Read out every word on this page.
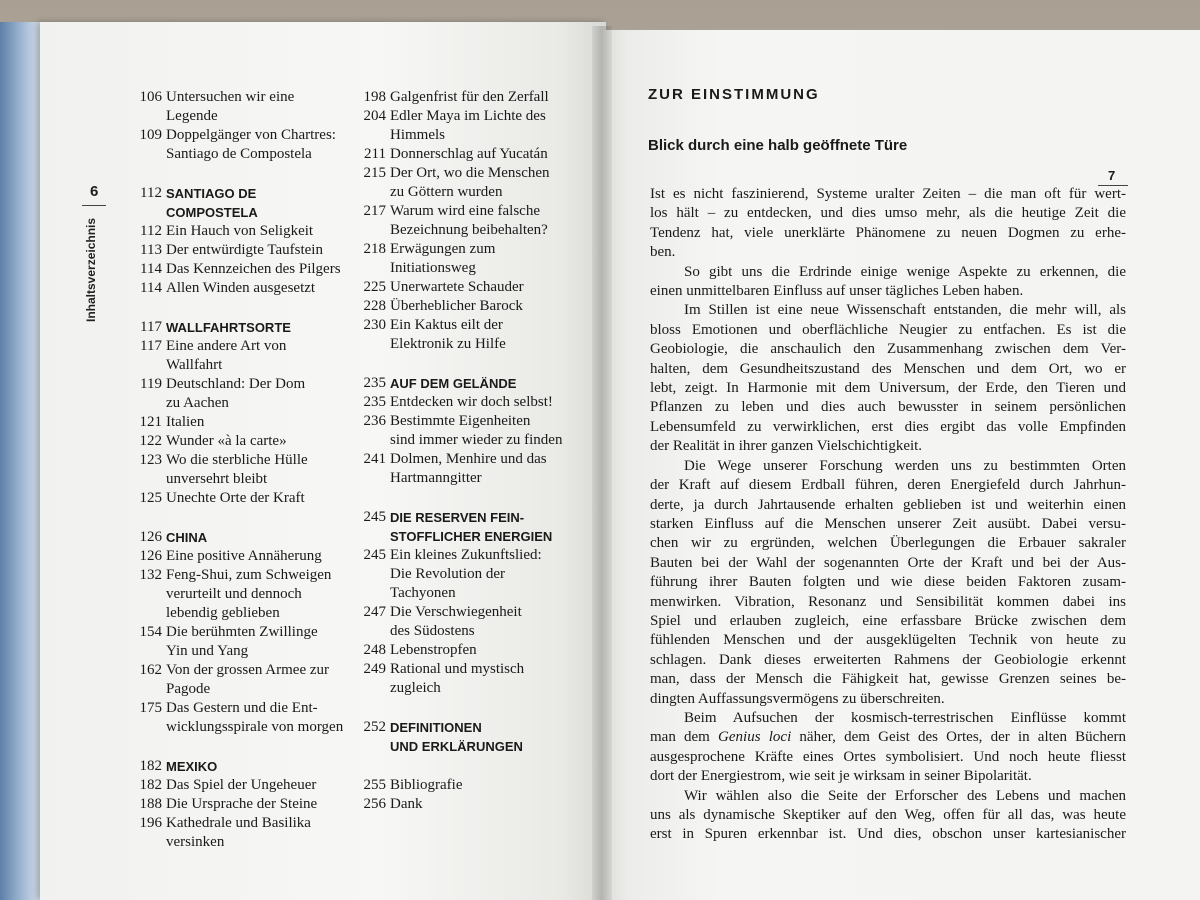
6
Inhaltsverzeichnis
106 Untersuchen wir eine
Legende
109 Doppelgänger von Chartres:
Santiago de Compostela
112 SANTIAGO DE COMPOSTELA
112 Ein Hauch von Seligkeit
113 Der entwürdigte Taufstein
114 Das Kennzeichen des Pilgers
114 Allen Winden ausgesetzt
117 WALLFAHRTSORTE
117 Eine andere Art von
Wallfahrt
119 Deutschland: Der Dom
zu Aachen
121 Italien
122 Wunder «à la carte»
123 Wo die sterbliche Hülle
unversehrt bleibt
125 Unechte Orte der Kraft
126 CHINA
126 Eine positive Annäherung
132 Feng-Shui, zum Schweigen
verurteilt und dennoch
lebendig geblieben
154 Die berühmten Zwillinge
Yin und Yang
162 Von der grossen Armee zur
Pagode
175 Das Gestern und die Ent-
wicklungsspirale von morgen
182 MEXIKO
182 Das Spiel der Ungeheuer
188 Die Ursprache der Steine
196 Kathedrale und Basilika
versinken
198 Galgenfrist für den Zerfall
204 Edler Maya im Lichte des
Himmels
211 Donnerschlag auf Yucatán
215 Der Ort, wo die Menschen
zu Göttern wurden
217 Warum wird eine falsche
Bezeichnung beibehalten?
218 Erwägungen zum
Initiationsweg
225 Unerwartete Schauder
228 Überheblicher Barock
230 Ein Kaktus eilt der
Elektronik zu Hilfe
235 AUF DEM GELÄNDE
235 Entdecken wir doch selbst!
236 Bestimmte Eigenheiten
sind immer wieder zu finden
241 Dolmen, Menhire und das
Hartmanngitter
245 DIE RESERVEN FEIN-
STOFFLICHER ENERGIEN
245 Ein kleines Zukunftslied:
Die Revolution der
Tachyonen
247 Die Verschwiegenheit
des Südostens
248 Lebenstropfen
249 Rational und mystisch
zugleich
252 DEFINITIONEN
UND ERKLÄRUNGEN
255 Bibliografie
256 Dank
ZUR EINSTIMMUNG
Blick durch eine halb geöffnete Türe
7
Ist es nicht faszinierend, Systeme uralter Zeiten – die man oft für wert-
los hält – zu entdecken, und dies umso mehr, als die heutige Zeit die
Tendenz hat, viele unerklärte Phänomene zu neuen Dogmen zu erhe-
ben.
So gibt uns die Erdrinde einige wenige Aspekte zu erkennen, die
einen unmittelbaren Einfluss auf unser tägliches Leben haben.
Im Stillen ist eine neue Wissenschaft entstanden, die mehr will, als
bloss Emotionen und oberflächliche Neugier zu entfachen. Es ist die
Geobiologie, die anschaulich den Zusammenhang zwischen dem Ver-
halten, dem Gesundheitszustand des Menschen und dem Ort, wo er
lebt, zeigt. In Harmonie mit dem Universum, der Erde, den Tieren und
Pflanzen zu leben und dies auch bewusster in seinem persönlichen
Lebensumfeld zu verwirklichen, erst dies ergibt das volle Empfinden
der Realität in ihrer ganzen Vielschichtigkeit.
Die Wege unserer Forschung werden uns zu bestimmten Orten
der Kraft auf diesem Erdball führen, deren Energiefeld durch Jahrhun-
derte, ja durch Jahrtausende erhalten geblieben ist und weiterhin einen
starken Einfluss auf die Menschen unserer Zeit ausübt. Dabei versu-
chen wir zu ergründen, welchen Überlegungen die Erbauer sakraler
Bauten bei der Wahl der sogenannten Orte der Kraft und bei der Aus-
führung ihrer Bauten folgten und wie diese beiden Faktoren zusam-
menwirken. Vibration, Resonanz und Sensibilität kommen dabei ins
Spiel und erlauben zugleich, eine erfassbare Brücke zwischen dem
fühlenden Menschen und der ausgeklügelten Technik von heute zu
schlagen. Dank dieses erweiterten Rahmens der Geobiologie erkennt
man, dass der Mensch die Fähigkeit hat, gewisse Grenzen seines be-
dingten Auffassungsvermögens zu überschreiten.
Beim Aufsuchen der kosmisch-terrestrischen Einflüsse kommt
man dem Genius loci näher, dem Geist des Ortes, der in alten Büchern
ausgesprochene Kräfte eines Ortes symbolisiert. Und noch heute fliesst
dort der Energiestrom, wie seit je wirksam in seiner Bipolarität.
Wir wählen also die Seite der Erforscher des Lebens und machen
uns als dynamische Skeptiker auf den Weg, offen für all das, was heute
erst in Spuren erkennbar ist. Und dies, obschon unser kartesianischer
